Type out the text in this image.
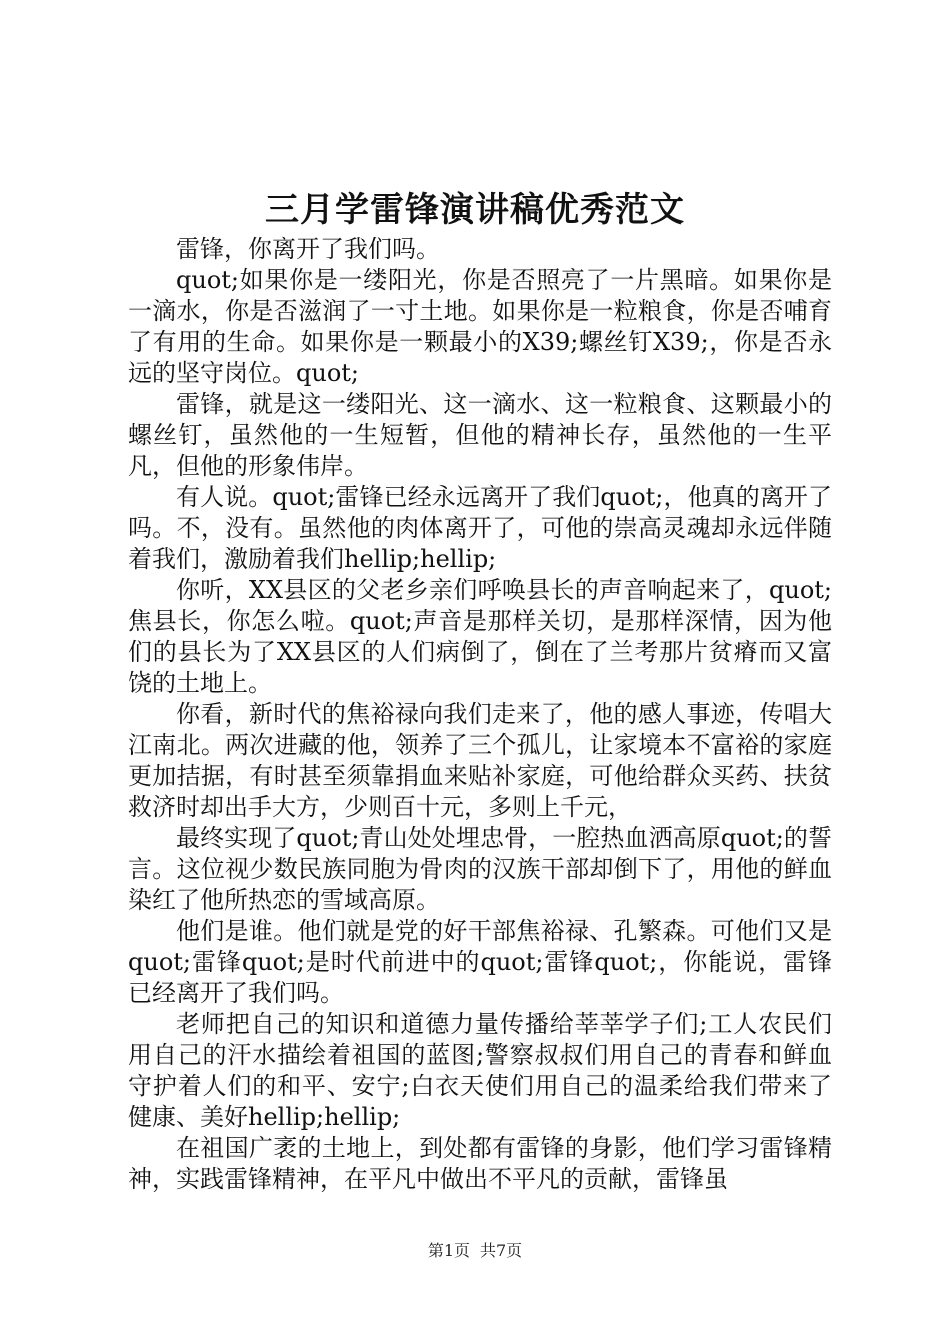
三月学雷锋演讲稿优秀范文

雷锋，你离开了我们吗。

quot;如果你是一缕阳光，你是否照亮了一片黑暗。如果你是一滴水，你是否滋润了一寸土地。如果你是一粒粮食，你是否哺育了有用的生命。如果你是一颗最小的X39;螺丝钉X39;，你是否永远的坚守岗位。quot;

雷锋，就是这一缕阳光、这一滴水、这一粒粮食、这颗最小的螺丝钉，虽然他的一生短暂，但他的精神长存，虽然他的一生平凡，但他的形象伟岸。

有人说。quot;雷锋已经永远离开了我们quot;，他真的离开了吗。不，没有。虽然他的肉体离开了，可他的崇高灵魂却永远伴随着我们，激励着我们hellip;hellip;

你听，XX县区的父老乡亲们呼唤县长的声音响起来了，quot;焦县长，你怎么啦。quot;声音是那样关切，是那样深情，因为他们的县长为了XX县区的人们病倒了，倒在了兰考那片贫瘠而又富饶的土地上。

你看，新时代的焦裕禄向我们走来了，他的感人事迹，传唱大江南北。两次进藏的他，领养了三个孤儿，让家境本不富裕的家庭更加拮据，有时甚至须靠捐血来贴补家庭，可他给群众买药、扶贫救济时却出手大方，少则百十元，多则上千元，

最终实现了quot;青山处处埋忠骨，一腔热血洒高原quot;的誓言。这位视少数民族同胞为骨肉的汉族干部却倒下了，用他的鲜血染红了他所热恋的雪域高原。

他们是谁。他们就是党的好干部焦裕禄、孔繁森。可他们又是quot;雷锋quot;是时代前进中的quot;雷锋quot;，你能说，雷锋已经离开了我们吗。

老师把自己的知识和道德力量传播给莘莘学子们;工人农民们用自己的汗水描绘着祖国的蓝图;警察叔叔们用自己的青春和鲜血守护着人们的和平、安宁;白衣天使们用自己的温柔给我们带来了健康、美好hellip;hellip;

在祖国广袤的土地上，到处都有雷锋的身影，他们学习雷锋精神，实践雷锋精神，在平凡中做出不平凡的贡献，雷锋虽

第1页 共7页
